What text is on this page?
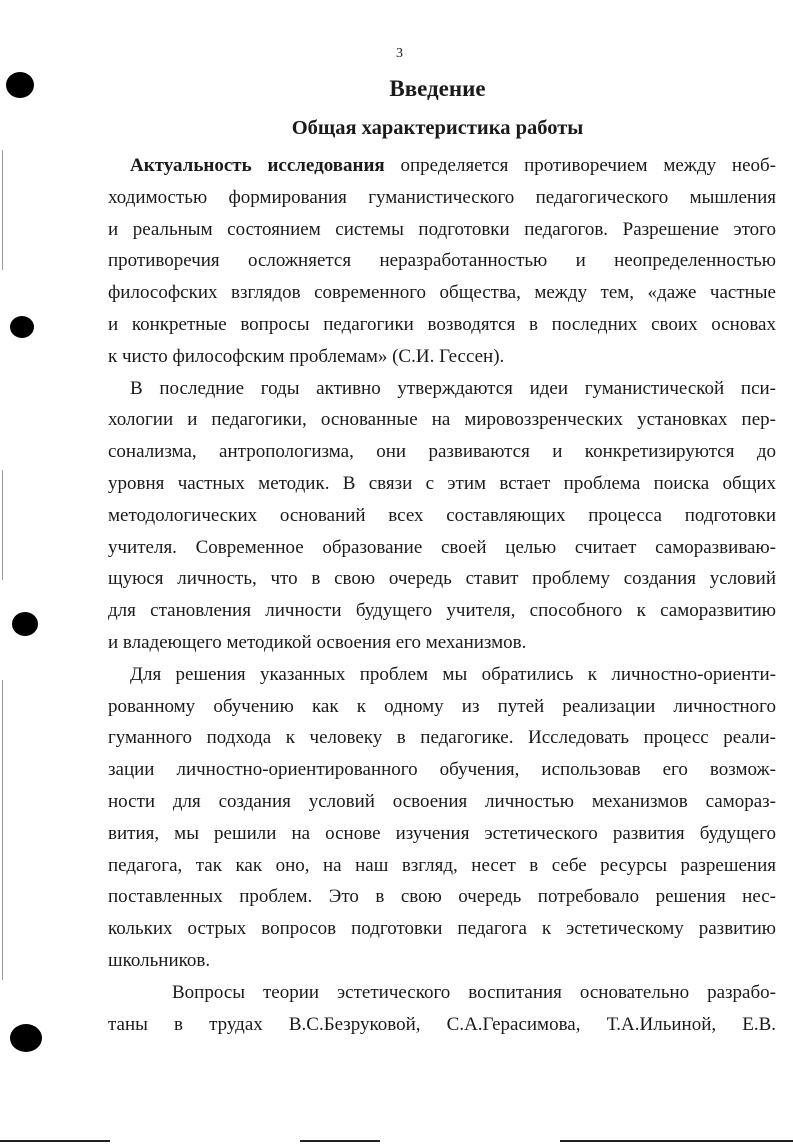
3
Введение
Общая характеристика работы
Актуальность исследования определяется противоречием между необ-
ходимостью формирования гуманистического педагогического мышления
и реальным состоянием системы подготовки педагогов. Разрешение этого
противоречия осложняется неразработанностью и неопределенностью
философских взглядов современного общества, между тем, «даже частные
и конкретные вопросы педагогики возводятся в последних своих основах
к чисто философским проблемам» (С.И. Гессен).
В последние годы активно утверждаются идеи гуманистической пси-
хологии и педагогики, основанные на мировоззренческих установках пер-
сонализма, антропологизма, они развиваются и конкретизируются до
уровня частных методик. В связи с этим встает проблема поиска общих
методологических оснований всех составляющих процесса подготовки
учителя. Современное образование своей целью считает саморазвиваю-
щуюся личность, что в свою очередь ставит проблему создания условий
для становления личности будущего учителя, способного к саморазвитию
и владеющего методикой освоения его механизмов.
Для решения указанных проблем мы обратились к личностно-ориенти-
рованному обучению как к одному из путей реализации личностного
гуманного подхода к человеку в педагогике. Исследовать процесс реали-
зации личностно-ориентированного обучения, использовав его возмож-
ности для создания условий освоения личностью механизмов самораз-
вития, мы решили на основе изучения эстетического развития будущего
педагога, так как оно, на наш взгляд, несет в себе ресурсы разрешения
поставленных проблем. Это в свою очередь потребовало решения нес-
кольких острых вопросов подготовки педагога к эстетическому развитию
школьников.
Вопросы теории эстетического воспитания основательно разрабо-
таны в трудах В.С.Безруковой, С.А.Герасимова, Т.А.Ильиной, Е.В.
